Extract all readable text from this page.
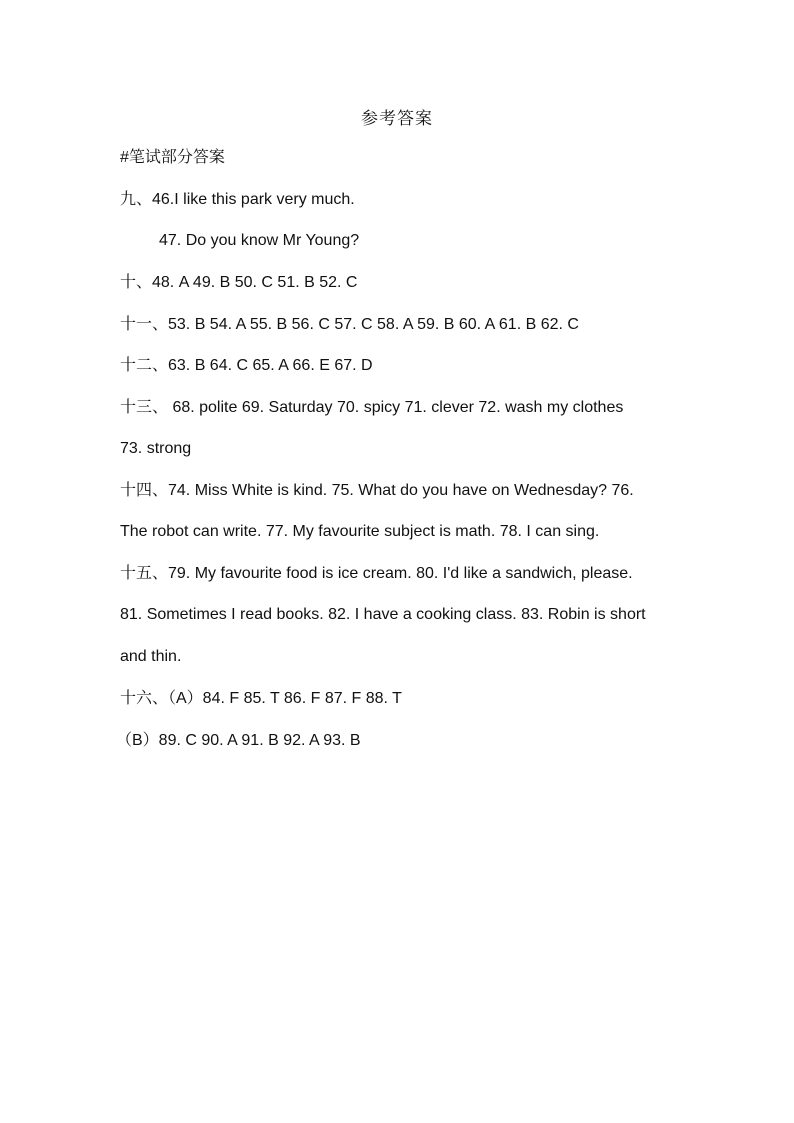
参考答案
#笔试部分答案
九、46.I like this park very much.
47. Do you know Mr Young?
十、48. A 49. B 50. C 51. B 52. C
十一、53. B 54. A 55. B 56. C 57. C 58. A 59. B 60. A 61. B 62. C
十二、63. B 64. C 65. A 66. E 67. D
十三、 68. polite 69. Saturday 70. spicy 71. clever 72. wash my clothes
73. strong
十四、74. Miss White is kind. 75. What do you have on Wednesday? 76.
The robot can write. 77. My favourite subject is math. 78. I can sing.
十五、79. My favourite food is ice cream. 80. I'd like a sandwich, please.
81. Sometimes I read books. 82. I have a cooking class. 83. Robin is short
and thin.
十六、（A）84. F 85. T 86. F 87. F 88. T
（B）89. C 90. A 91. B 92. A 93. B
